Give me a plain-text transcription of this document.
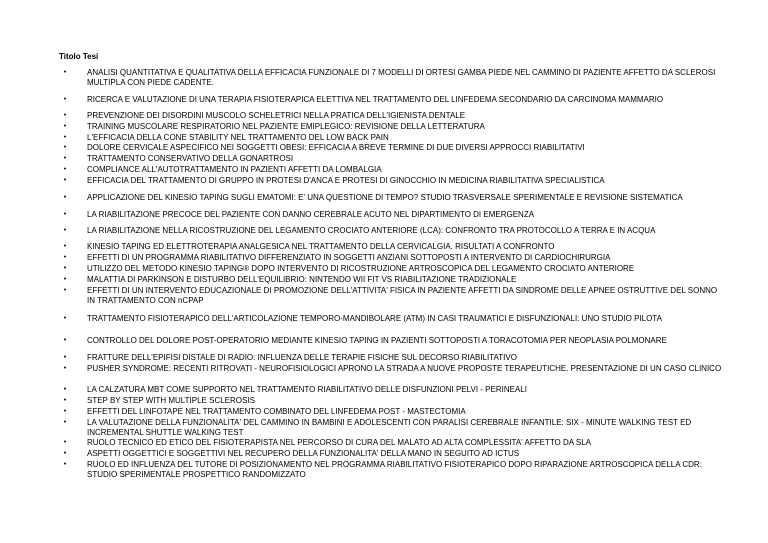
Titolo Tesi
•	ANALISI QUANTITATIVA E QUALITATIVA DELLA EFFICACIA FUNZIONALE DI 7 MODELLI DI ORTESI GAMBA PIEDE NEL CAMMINO DI PAZIENTE AFFETTO DA SCLEROSI MULTIPLA CON PIEDE CADENTE.
•	RICERCA E VALUTAZIONE DI UNA TERAPIA FISIOTERAPICA ELETTIVA NEL TRATTAMENTO DEL LINFEDEMA SECONDARIO DA CARCINOMA MAMMARIO
•	PREVENZIONE DEI DISORDINI MUSCOLO SCHELETRICI NELLA PRATICA DELL'IGIENISTA DENTALE
•	TRAINING MUSCOLARE RESPIRATORIO NEL PAZIENTE EMIPLEGICO: REVISIONE DELLA LETTERATURA
•	L'EFFICACIA DELLA CONE STABILITY NEL TRATTAMENTO DEL LOW BACK PAIN
•	DOLORE CERVICALE ASPECIFICO NEI SOGGETTI OBESI: EFFICACIA A BREVE TERMINE DI DUE DIVERSI APPROCCI RIABILITATIVI
•	TRATTAMENTO CONSERVATIVO DELLA GONARTROSI
•	COMPLIANCE ALL'AUTOTRATTAMENTO IN PAZIENTI AFFETTI DA LOMBALGIA
•	EFFICACIA DEL TRATTAMENTO DI GRUPPO IN PROTESI D'ANCA E PROTESI DI GINOCCHIO IN MEDICINA RIABILITATIVA SPECIALISTICA
•	APPLICAZIONE DEL KINESIO TAPING SUGLI EMATOMI: E' UNA QUESTIONE DI TEMPO? STUDIO TRASVERSALE SPERIMENTALE E REVISIONE SISTEMATICA
•	LA RIABILITAZIONE PRECOCE DEL PAZIENTE CON DANNO CEREBRALE ACUTO NEL DIPARTIMENTO DI EMERGENZA
•	LA RIABILITAZIONE NELLA RICOSTRUZIONE DEL LEGAMENTO CROCIATO ANTERIORE (LCA): CONFRONTO TRA PROTOCOLLO A TERRA E IN ACQUA
•	KINESIO TAPING ED ELETTROTERAPIA ANALGESICA NEL TRATTAMENTO DELLA CERVICALGIA. RISULTATI A CONFRONTO
•	EFFETTI DI UN PROGRAMMA RIABILITATIVO DIFFERENZIATO IN SOGGETTI ANZIANI SOTTOPOSTI A INTERVENTO DI CARDIOCHIRURGIA
•	UTILIZZO DEL METODO KINESIO TAPING® DOPO INTERVENTO DI RICOSTRUZIONE ARTROSCOPICA DEL LEGAMENTO CROCIATO ANTERIORE
•	MALATTIA DI PARKINSON E DISTURBO DELL'EQUILIBRIO: NINTENDO WII FIT VS RIABILITAZIONE TRADIZIONALE
•	EFFETTI DI UN INTERVENTO EDUCAZIONALE DI PROMOZIONE DELL'ATTIVITA' FISICA IN PAZIENTE AFFETTI DA SINDROME DELLE APNEE OSTRUTTIVE DEL SONNO IN TRATTAMENTO CON nCPAP
•	TRATTAMENTO FISIOTERAPICO DELL'ARTICOLAZIONE TEMPORO-MANDIBOLARE (ATM) IN CASI TRAUMATICI E DISFUNZIONALI: UNO STUDIO PILOTA
•	CONTROLLO DEL DOLORE POST-OPERATORIO MEDIANTE KINESIO TAPING IN PAZIENTI SOTTOPOSTI A TORACOTOMIA PER NEOPLASIA POLMONARE
•	FRATTURE DELL'EPIFISI DISTALE DI RADIO: INFLUENZA DELLE TERAPIE FISICHE SUL DECORSO RIABILITATIVO
•	PUSHER SYNDROME: RECENTI RITROVATI - NEUROFISIOLOGICI APRONO LA STRADA A NUOVE PROPOSTE TERAPEUTICHE. PRESENTAZIONE DI UN CASO CLINICO
•	LA CALZATURA MBT COME SUPPORTO NEL TRATTAMENTO RIABILITATIVO DELLE DISFUNZIONI PELVI - PERINEALI
•	STEP BY STEP WITH MULTIPLE SCLEROSIS
•	EFFETTI DEL LINFOTAPE NEL TRATTAMENTO COMBINATO DEL LINFEDEMA POST - MASTECTOMIA
•	LA VALUTAZIONE DELLA FUNZIONALITA' DEL CAMMINO IN BAMBINI E ADOLESCENTI CON PARALISI CEREBRALE INFANTILE: SIX - MINUTE WALKING TEST ED INCREMENTAL SHUTTLE WALKING TEST
•	RUOLO TECNICO ED ETICO DEL FISIOTERAPISTA NEL PERCORSO DI CURA DEL MALATO AD ALTA COMPLESSITA' AFFETTO DA SLA
•	ASPETTI OGGETTICI E SOGGETTIVI NEL RECUPERO DELLA FUNZIONALITA' DELLA MANO IN SEGUITO AD ICTUS
•	RUOLO ED INFLUENZA DEL TUTORE DI POSIZIONAMENTO NEL PROGRAMMA RIABILITATIVO FISIOTERAPICO DOPO RIPARAZIONE ARTROSCOPICA DELLA CDR: STUDIO SPERIMENTALE PROSPETTICO RANDOMIZZATO
